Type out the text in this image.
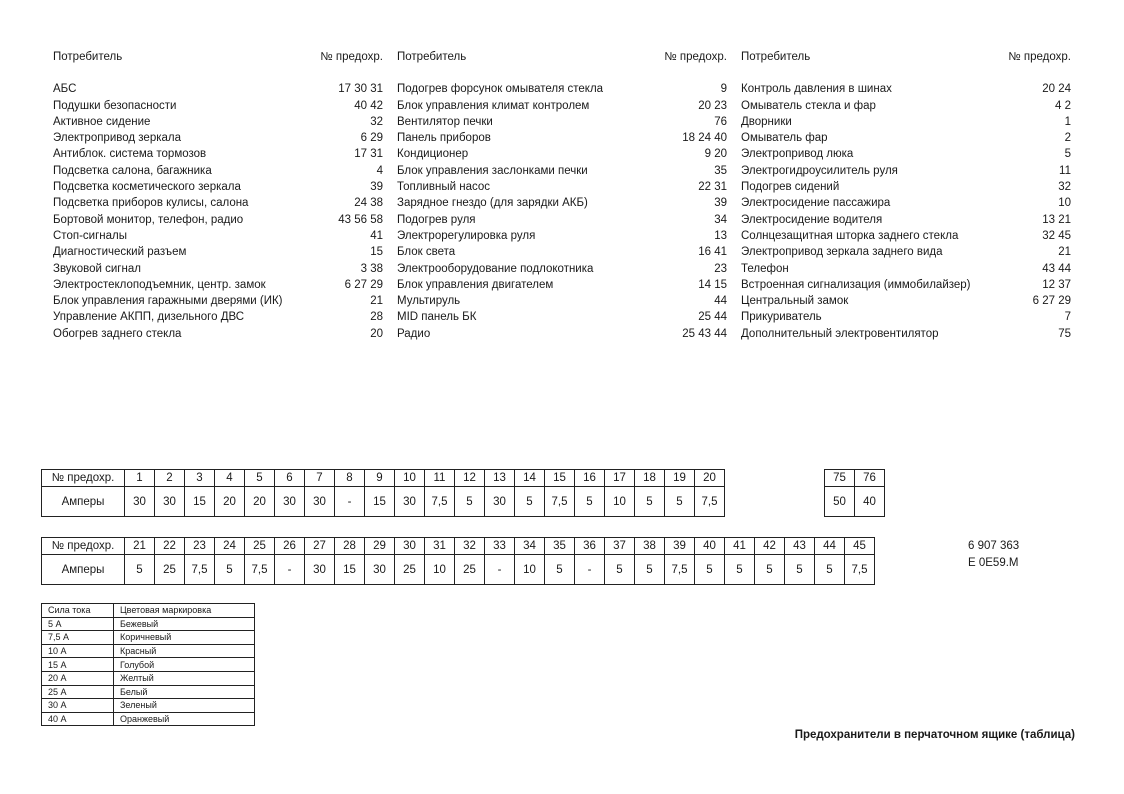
Потребитель	№ предохр.
АБС	17 30 31
Подушки безопасности	40 42
Активное сидение	32
Электропривод зеркала	6 29
Антиблок. система тормозов	17 31
Подсветка салона, багажника	4
Подсветка косметического зеркала	39
Подсветка приборов кулисы, салона	24 38
Бортовой монитор, телефон, радио	43 56 58
Стоп-сигналы	41
Диагностический разъем	15
Звуковой сигнал	3 38
Электростеклоподъемник, центр. замок	6 27 29
Блок управления гаражными дверями (ИК)	21
Управление АКПП, дизельного ДВС	28
Обогрев заднего стекла	20
Потребитель	№ предохр.
Подогрев форсунок омывателя стекла	9
Блок управления климат контролем	20 23
Вентилятор печки	76
Панель приборов	18 24 40
Кондиционер	9 20
Блок управления заслонками печки	35
Топливный насос	22 31
Зарядное гнездо (для зарядки АКБ)	39
Подогрев руля	34
Электрорегулировка руля	13
Блок света	16 41
Электрооборудование подлокотника	23
Блок управления двигателем	14 15
Мультируль	44
MID панель БК	25 44
Радио	25 43 44
Потребитель	№ предохр.
Контроль давления в шинах	20 24
Омыватель стекла и фар	4 2
Дворники	1
Омыватель фар	2
Электропривод люка	5
Электрогидроусилитель руля	11
Подогрев сидений	32
Электросидение пассажира	10
Электросидение водителя	13 21
Солнцезащитная шторка заднего стекла	32 45
Электропривод зеркала заднего вида	21
Телефон	43 44
Встроенная сигнализация (иммобилайзер)	12 37
Центральный замок	6 27 29
Прикуриватель	7
Дополнительный электровентилятор	75
№ предохр.	1	2	3	4	5	6	7	8	9	10	11	12	13	14	15	16	17	18	19	20
Амперы	30	30	15	20	20	30	30	-	15	30	7,5	5	30	5	7,5	5	10	5	5	7,5
№ предохр.	21	22	23	24	25	26	27	28	29	30	31	32	33	34	35	36	37	38	39	40	41	42	43	44	45
Амперы	5	25	7,5	5	7,5	-	30	15	30	25	10	25	-	10	5	-	5	5	7,5	5	5	5	5	5	7,5
75	76
50	40
6 907 363
E 0E59.M
Сила тока	Цветовая маркировка
5 А	Бежевый
7,5 А	Коричневый
10 А	Красный
15 А	Голубой
20 А	Желтый
25 А	Белый
30 А	Зеленый
40 А	Оранжевый
Предохранители в перчаточном ящике (таблица)
